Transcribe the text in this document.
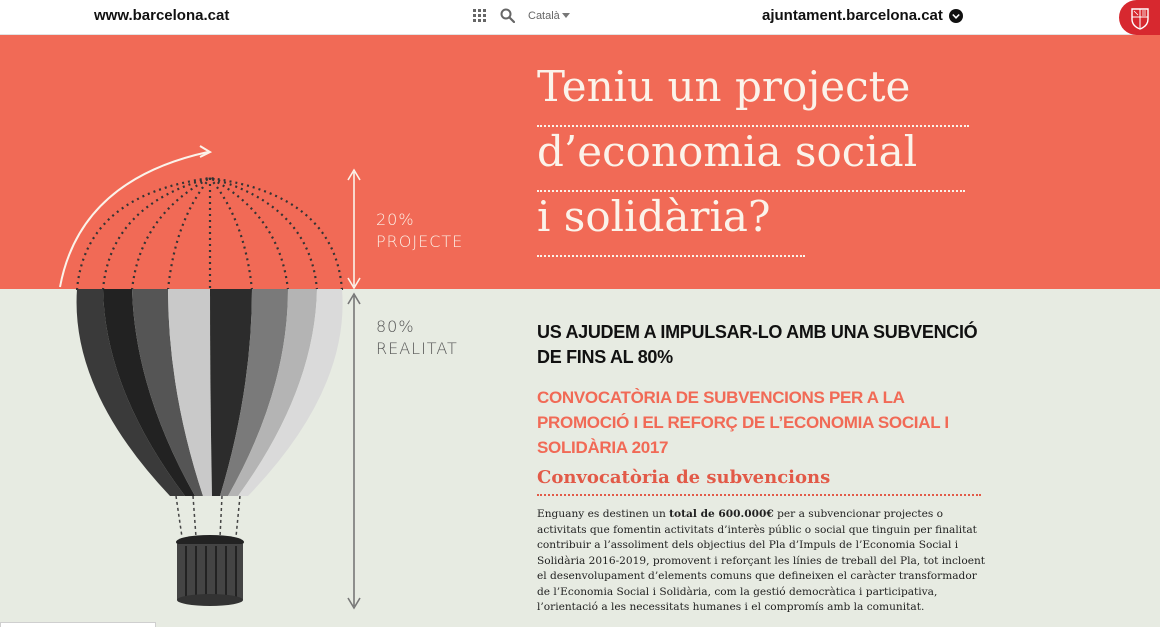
www.barcelona.cat	Català	ajuntament.barcelona.cat
20%
PROJECTE
80%
REALITAT
Teniu un projecte
d’economia social
i solidària?
US AJUDEM A IMPULSAR-LO AMB UNA SUBVENCIÓ DE FINS AL 80%
CONVOCATÒRIA DE SUBVENCIONS PER A LA PROMOCIÓ I EL REFORÇ DE L’ECONOMIA SOCIAL I SOLIDÀRIA 2017
Convocatòria de subvencions

Enguany es destinen un total de 600.000€ per a subvencionar projectes o activitats que fomentin activitats d’interès públic o social que tinguin per finalitat contribuir a l’assoliment dels objectius del Pla d’Impuls de l’Economia Social i Solidària 2016-2019, promovent i reforçant les línies de treball del Pla, tot incloent el desenvolupament d’elements comuns que defineixen el caràcter transformador de l’Economia Social i Solidària, com la gestió democràtica i participativa, l’orientació a les necessitats humanes i el compromís amb la comunitat.
